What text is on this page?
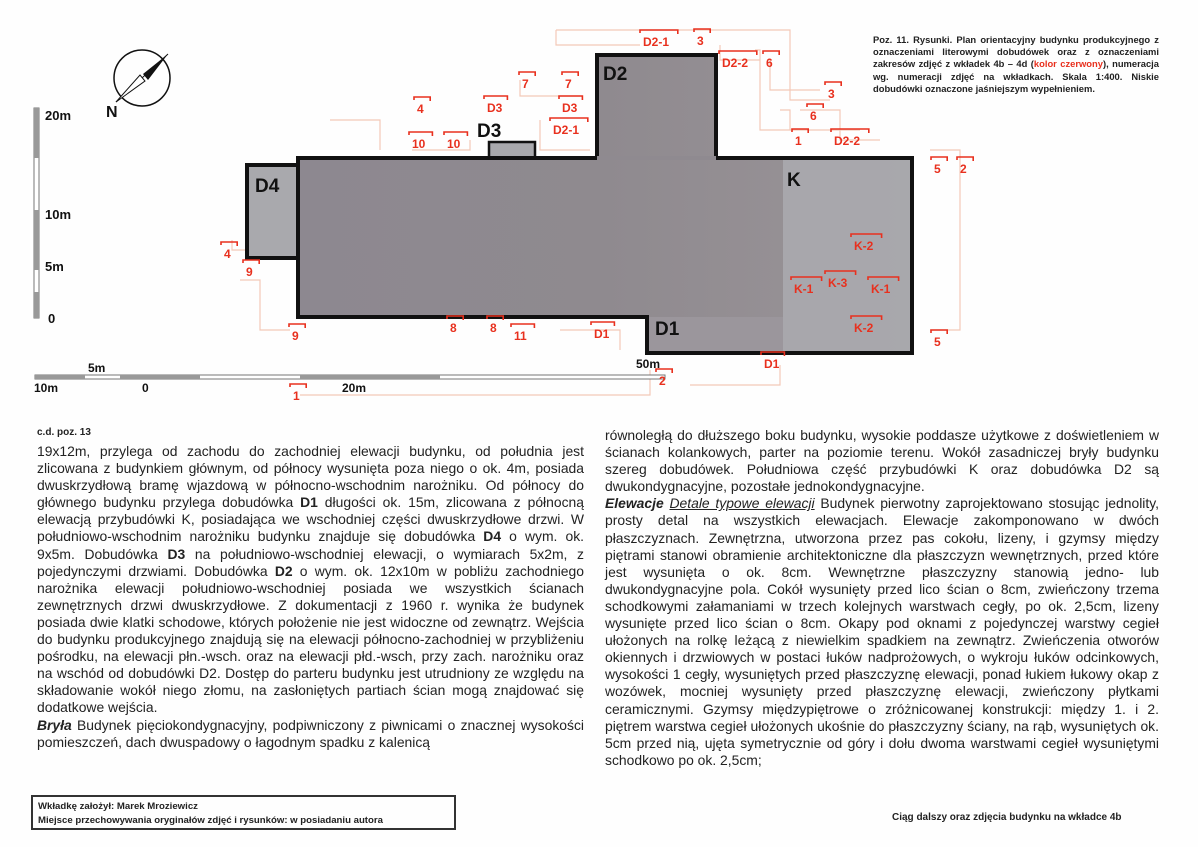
D4
D3
D2
K
D1
N
20m
10m
5m
0
5m
10m	0	20m
50m
D2-1 3
D2-2 6
3
6
1	D2-2
7	7
D3	D3
D2-1
4
10 10
5 2
4
9
9
8	8
11	D1
K-2
K-1 K-3 K-1
K-2
5
D1
2
1
Poz. 11. Rysunki. Plan orientacyjny budynku produkcyjnego z oznaczeniami literowymi dobudówek oraz z oznaczeniami zakresów zdjęć z wkładek 4b – 4d (kolor czerwony), numeracja wg. numeracji zdjęć na wkładkach. Skala 1:400. Niskie dobudówki oznaczone jaśniejszym wypełnieniem.
c.d. poz. 13

19x12m, przylega od zachodu do zachodniej elewacji budynku, od południa jest zlicowana z budynkiem głównym, od północy wysunięta poza niego o ok. 4m, posiada dwuskrzydłową bramę wjazdową w północno-wschodnim narożniku. Od północy do głównego budynku przylega dobudówka D1 długości ok. 15m, zlicowana z północną elewacją przybudówki K, posiadająca we wschodniej części dwuskrzydłowe drzwi. W południowo-wschodnim narożniku budynku znajduje się dobudówka D4 o wym. ok. 9x5m. Dobudówka D3 na południowo-wschodniej elewacji, o wymiarach 5x2m, z pojedynczymi drzwiami. Dobudówka D2 o wym. ok. 12x10m w pobliżu zachodniego narożnika elewacji południowo-wschodniej posiada we wszystkich ścianach zewnętrznych drzwi dwuskrzydłowe. Z dokumentacji z 1960 r. wynika że budynek posiada dwie klatki schodowe, których położenie nie jest widoczne od zewnątrz. Wejścia do budynku produkcyjnego znajdują się na elewacji północno-zachodniej w przybliżeniu pośrodku, na elewacji płn.-wsch. oraz na elewacji płd.-wsch, przy zach. narożniku oraz na wschód od dobudówki D2. Dostęp do parteru budynku jest utrudniony ze względu na składowanie wokół niego złomu, na zasłoniętych partiach ścian mogą znajdować się dodatkowe wejścia.

Bryła Budynek pięciokondygnacyjny, podpiwniczony z piwnicami o znacznej wysokości pomieszczeń, dach dwuspadowy o łagodnym spadku z kalenicą

równoległą do dłuższego boku budynku, wysokie poddasze użytkowe z doświetleniem w ścianach kolankowych, parter na poziomie terenu. Wokół zasadniczej bryły budynku szereg dobudówek. Południowa część przybudówki K oraz dobudówka D2 są dwukondygnacyjne, pozostałe jednokondygnacyjne.

Elewacje Detale typowe elewacji Budynek pierwotny zaprojektowano stosując jednolity, prosty detal na wszystkich elewacjach. Elewacje zakomponowano w dwóch płaszczyznach. Zewnętrzna, utworzona przez pas cokołu, lizeny, i gzymsy między piętrami stanowi obramienie architektoniczne dla płaszczyzn wewnętrznych, przed które jest wysunięta o ok. 8cm. Wewnętrzne płaszczyzny stanowią jedno- lub dwukondygnacyjne pola. Cokół wysunięty przed lico ścian o 8cm, zwieńczony trzema schodkowymi załamaniami w trzech kolejnych warstwach cegły, po ok. 2,5cm, lizeny wysunięte przed lico ścian o 8cm. Okapy pod oknami z pojedynczej warstwy cegieł ułożonych na rolkę leżącą z niewielkim spadkiem na zewnątrz. Zwieńczenia otworów okiennych i drzwiowych w postaci łuków nadprożowych, o wykroju łuków odcinkowych, wysokości 1 cegły, wysuniętych przed płaszczyznę elewacji, ponad łukiem łukowy okap z wozówek, mocniej wysunięty przed płaszczyznę elewacji, zwieńczony płytkami ceramicznymi. Gzymsy międzypiętrowe o zróżnicowanej konstrukcji: między 1. i 2. piętrem warstwa cegieł ułożonych ukośnie do płaszczyzny ściany, na rąb, wysuniętych ok. 5cm przed nią, ujęta symetrycznie od góry i dołu dwoma warstwami cegieł wysuniętymi schodkowo po ok. 2,5cm;

Wkładkę założył: Marek Mroziewicz
Miejsce przechowywania oryginałów zdjęć i rysunków: w posiadaniu autora	Ciąg dalszy oraz zdjęcia budynku na wkładce 4b
